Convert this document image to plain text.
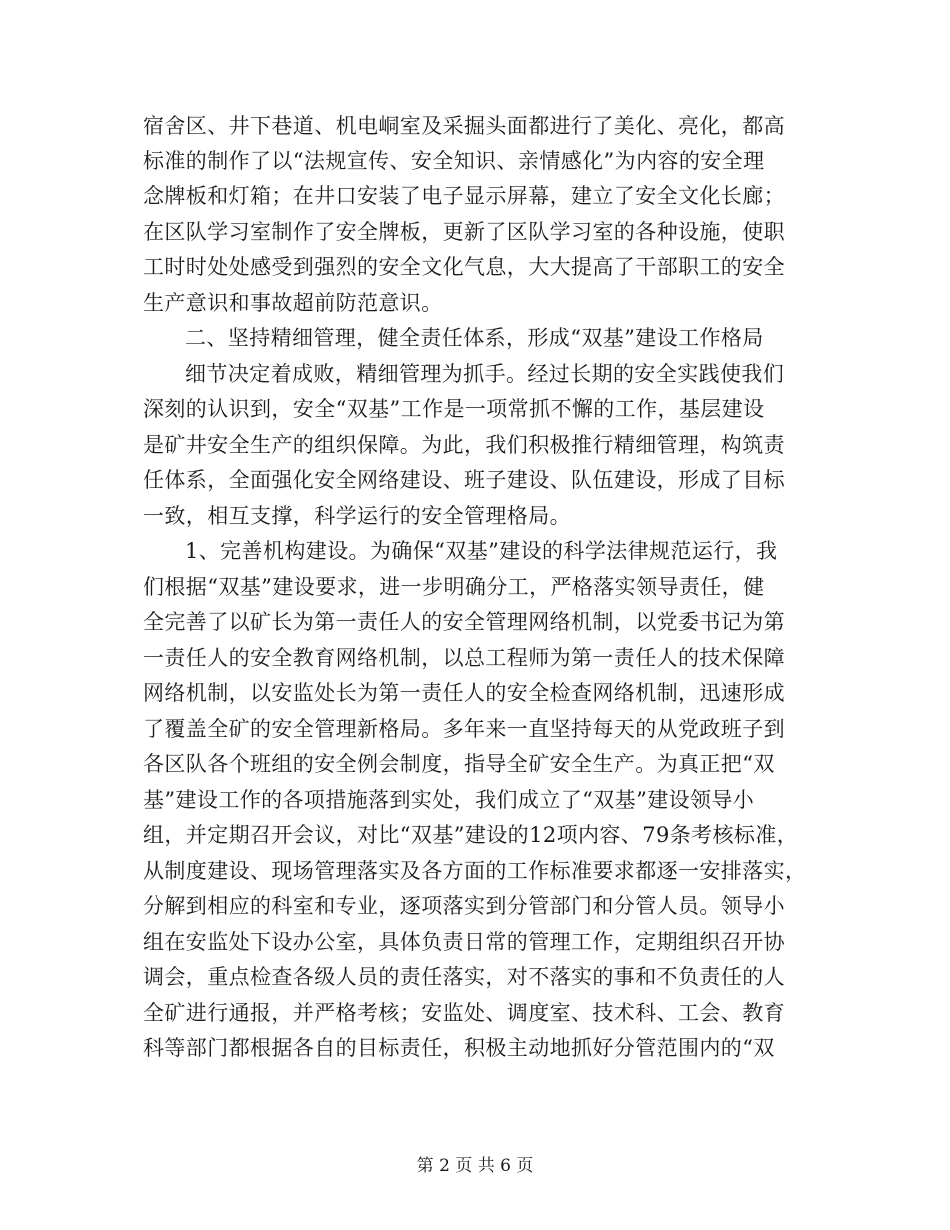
宿舍区、井下巷道、机电峒室及采掘头面都进行了美化、亮化，都高
标准的制作了以“法规宣传、安全知识、亲情感化”为内容的安全理
念牌板和灯箱；在井口安装了电子显示屏幕，建立了安全文化长廊；
在区队学习室制作了安全牌板，更新了区队学习室的各种设施，使职
工时时处处感受到强烈的安全文化气息，大大提高了干部职工的安全
生产意识和事故超前防范意识。
二、坚持精细管理，健全责任体系，形成“双基”建设工作格局
细节决定着成败，精细管理为抓手。经过长期的安全实践使我们
深刻的认识到，安全“双基”工作是一项常抓不懈的工作，基层建设
是矿井安全生产的组织保障。为此，我们积极推行精细管理，构筑责
任体系，全面强化安全网络建设、班子建设、队伍建设，形成了目标
一致，相互支撑，科学运行的安全管理格局。
1、完善机构建设。为确保“双基”建设的科学法律规范运行，我
们根据“双基”建设要求，进一步明确分工，严格落实领导责任，健
全完善了以矿长为第一责任人的安全管理网络机制，以党委书记为第
一责任人的安全教育网络机制，以总工程师为第一责任人的技术保障
网络机制，以安监处长为第一责任人的安全检查网络机制，迅速形成
了覆盖全矿的安全管理新格局。多年来一直坚持每天的从党政班子到
各区队各个班组的安全例会制度，指导全矿安全生产。为真正把“双
基”建设工作的各项措施落到实处，我们成立了“双基”建设领导小
组，并定期召开会议，对比“双基”建设的12项内容、79条考核标准，
从制度建设、现场管理落实及各方面的工作标准要求都逐一安排落实，
分解到相应的科室和专业，逐项落实到分管部门和分管人员。领导小
组在安监处下设办公室，具体负责日常的管理工作，定期组织召开协
调会，重点检查各级人员的责任落实，对不落实的事和不负责任的人
全矿进行通报，并严格考核；安监处、调度室、技术科、工会、教育
科等部门都根据各自的目标责任，积极主动地抓好分管范围内的“双
第 2 页 共 6 页
